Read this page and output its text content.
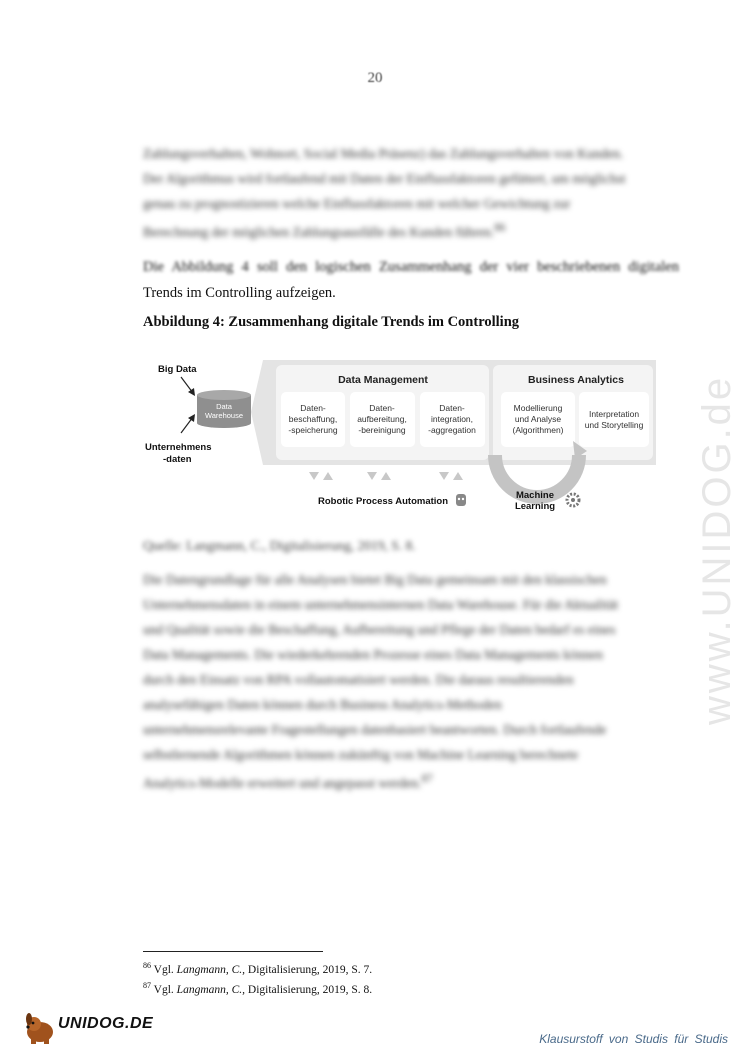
20
Zahlungsverhalten, Wohnort, Social Media Präsenz) das Zahlungsverhalten von Kunden.
Der Algorithmus wird fortlaufend mit Daten der Einflussfaktoren gefüttert, um möglichst
genau zu prognostizieren welche Einflussfaktoren mit welcher Gewichtung zur
Berechnung der möglichen Zahlungsausfälle des Kunden führen.$^{86}$
Die Abbildung 4 soll den logischen Zusammenhang der vier beschriebenen digitalen
Trends im Controlling aufzeigen.
Abbildung 4: Zusammenhang digitale Trends im Controlling
Data Management	Business Analytics
Daten-
beschaffung,
-speicherung
Daten-
aufbereitung,
-bereinigung
Daten-
integration,
-aggregation
Modellierung
und Analyse
(Algorithmen)
Interpretation
und Storytelling
Big Data
Unternehmens
-daten
Data
Warehouse
Robotic Process Automation
Machine
Learning
Quelle: Langmann, C., Digitalisierung, 2019, S. 8.
Die Datengrundlage für alle Analysen bietet Big Data gemeinsam mit den klassischen
Unternehmensdaten in einem unternehmensinternen Data Warehouse. Für die Aktualität
und Qualität sowie die Beschaffung, Aufbereitung und Pflege der Daten bedarf es eines
Data Managements. Die wiederkehrenden Prozesse eines Data Managements können
durch den Einsatz von RPA vollautomatisiert werden. Die daraus resultierenden
analysefähigen Daten können durch Business Analytics-Methoden
unternehmensrelevante Fragestellungen datenbasiert beantworten. Durch fortlaufende
selbstlernende Algorithmen können zukünftig von Machine Learning berechnete
Analytics-Modelle erweitert und angepasst werden.$^{87}$
$^{86}$ Vgl. Langmann, C., Digitalisierung, 2019, S. 7.
$^{87}$ Vgl. Langmann, C., Digitalisierung, 2019, S. 8.
www.UNIDOG.de
UNIDOG.DE
Klausurstoff von Studis für Studis
